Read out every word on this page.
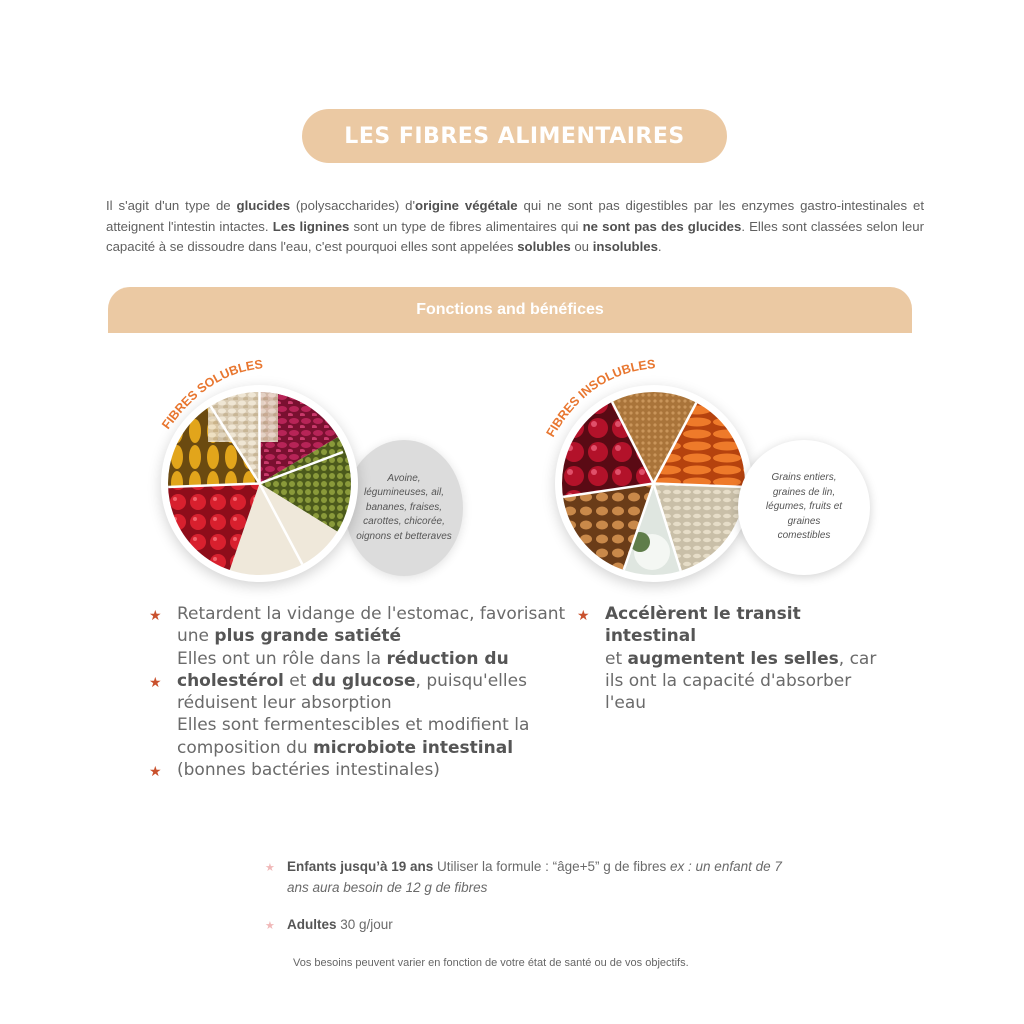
LES FIBRES ALIMENTAIRES
Il s'agit d'un type de glucides (polysaccharides) d'origine végétale qui ne sont pas digestibles par les enzymes gastro-intestinales et atteignent l'intestin intactes. Les lignines sont un type de fibres alimentaires qui ne sont pas des glucides. Elles sont classées selon leur capacité à se dissoudre dans l'eau, c'est pourquoi elles sont appelées solubles ou insolubles.
Fonctions and bénéfices
FIBRES SOLUBLES
Avoine, légumineuses, ail, bananes, fraises, carottes, chicorée, oignons et betteraves
FIBRES INSOLUBLES
Grains entiers, graines de lin, légumes, fruits et graines comestibles
★ Retardent la vidange de l'estomac, favorisant
une plus grande satiété
Elles ont un rôle dans la réduction du
★ cholestérol et du glucose, puisqu'elles
réduisent leur absorption
Elles sont fermentescibles et modifient la
composition du microbiote intestinal
★ (bonnes bactéries intestinales)
★ Accélèrent le transit intestinal
et augmentent les selles, car
ils ont la capacité d'absorber
l'eau
★ Enfants jusqu’à 19 ans Utiliser la formule : “âge+5” g de fibres ex : un enfant de 7 ans aura besoin de 12 g de fibres
★ Adultes 30 g/jour
Vos besoins peuvent varier en fonction de votre état de santé ou de vos objectifs.
